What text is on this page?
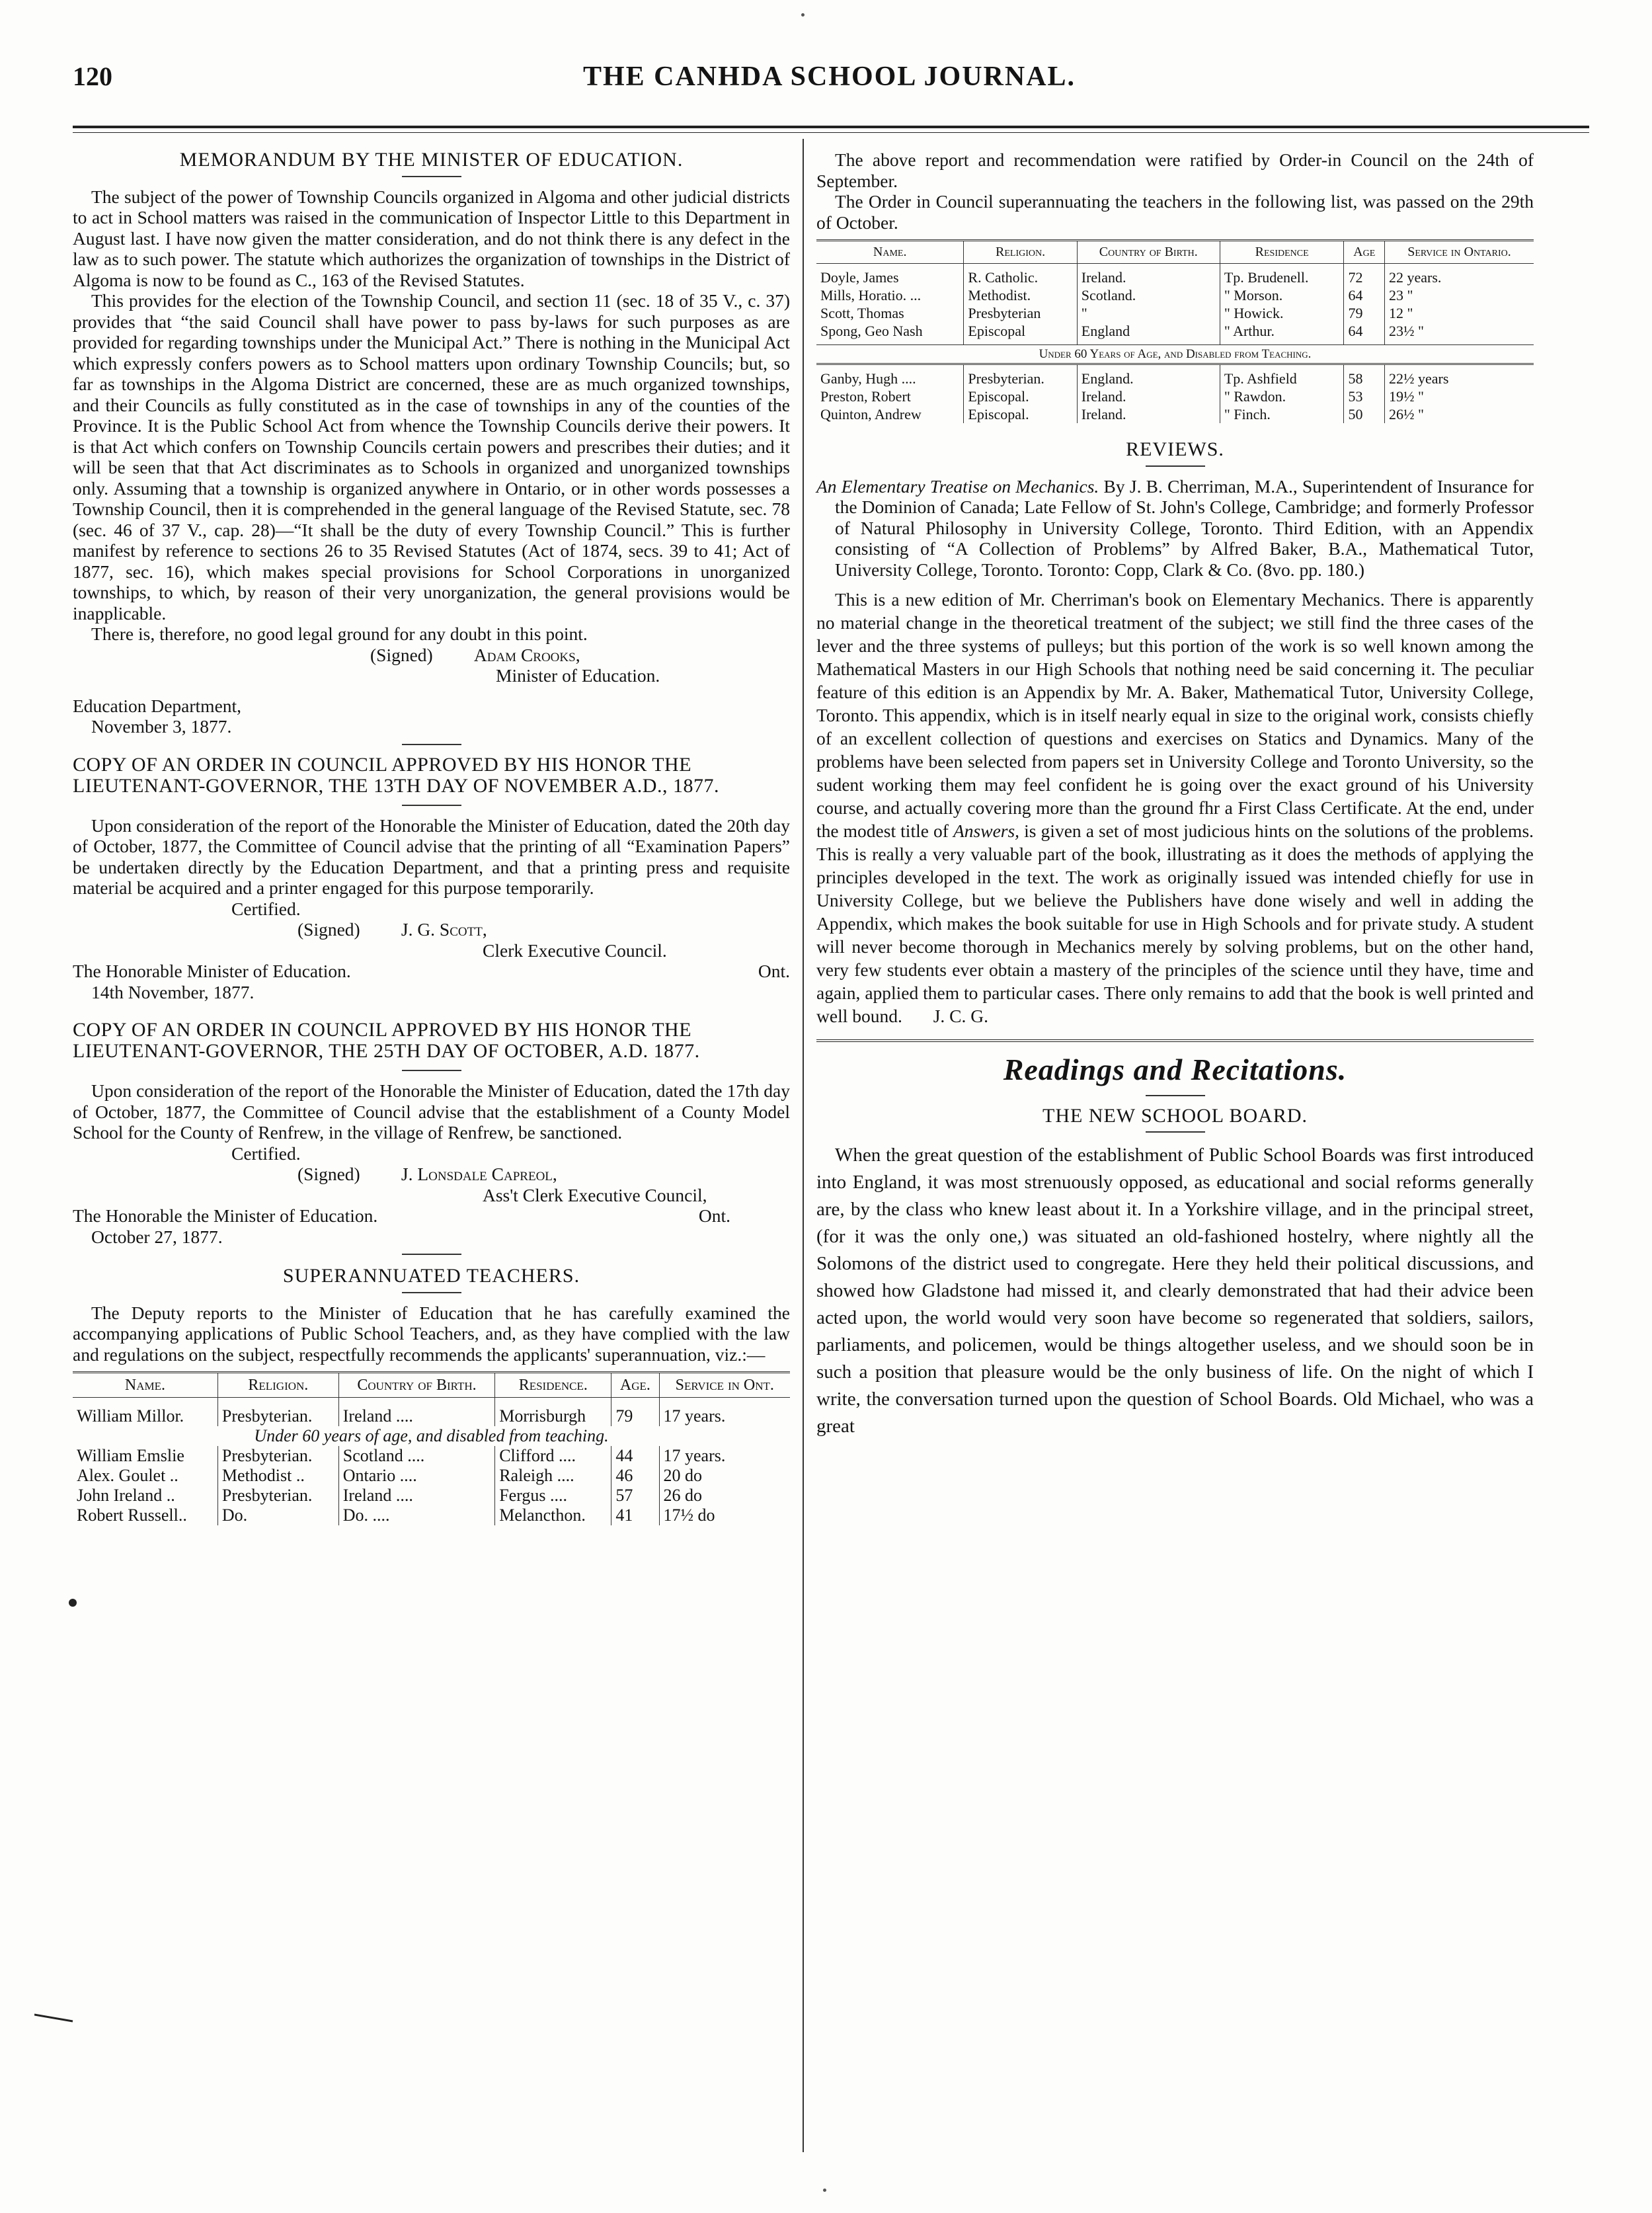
120	THE CANHDA SCHOOL JOURNAL.
MEMORANDUM BY THE MINISTER OF EDUCATION.

The subject of the power of Township Councils organized in Algoma and other judicial districts to act in School matters was raised in the communication of Inspector Little to this Department in August last. I have now given the matter consideration, and do not think there is any defect in the law as to such power. The statute which authorizes the organization of townships in the District of Algoma is now to be found as C., 163 of the Revised Statutes.

This provides for the election of the Township Council, and section 11 (sec. 18 of 35 V., c. 37) provides that “the said Council shall have power to pass by-laws for such purposes as are provided for regarding townships under the Municipal Act.” There is nothing in the Municipal Act which expressly confers powers as to School matters upon ordinary Township Councils; but, so far as townships in the Algoma District are concerned, these are as much organized townships, and their Councils as fully constituted as in the case of townships in any of the counties of the Province. It is the Public School Act from whence the Township Councils derive their powers. It is that Act which confers on Township Councils certain powers and prescribes their duties; and it will be seen that that Act discriminates as to Schools in organized and unorganized townships only. Assuming that a township is organized anywhere in Ontario, or in other words possesses a Township Council, then it is comprehended in the general language of the Revised Statute, sec. 78 (sec. 46 of 37 V., cap. 28)—“It shall be the duty of every Township Council.” This is further manifest by reference to sections 26 to 35 Revised Statutes (Act of 1874, secs. 39 to 41; Act of 1877, sec. 16), which makes special provisions for School Corporations in unorganized townships, to which, by reason of their very unorganization, the general provisions would be inapplicable.

There is, therefore, no good legal ground for any doubt in this point.

(Signed) Adam Crooks,
Minister of Education.
Education Department,
November 3, 1877.
COPY OF AN ORDER IN COUNCIL APPROVED BY HIS HONOR THE LIEUTENANT-GOVERNOR, THE 13TH DAY OF NOVEMBER A.D., 1877.

Upon consideration of the report of the Honorable the Minister of Education, dated the 20th day of October, 1877, the Committee of Council advise that the printing of all “Examination Papers” be undertaken directly by the Education Department, and that a printing press and requisite material be acquired and a printer engaged for this purpose temporarily.

Certified.
(Signed) J. G. Scott,
Clerk Executive Council.
The Honorable Minister of Education.	Ont.
14th November, 1877.
COPY OF AN ORDER IN COUNCIL APPROVED BY HIS HONOR THE LIEUTENANT-GOVERNOR, THE 25TH DAY OF OCTOBER, A.D. 1877.

Upon consideration of the report of the Honorable the Minister of Education, dated the 17th day of October, 1877, the Committee of Council advise that the establishment of a County Model School for the County of Renfrew, in the village of Renfrew, be sanctioned.

Certified.
(Signed) J. Lonsdale Capreol,
Ass't Clerk Executive Council,
The Honorable the Minister of Education.	Ont.
October 27, 1877.
SUPERANNUATED TEACHERS.

The Deputy reports to the Minister of Education that he has carefully examined the accompanying applications of Public School Teachers, and, as they have complied with the law and regulations on the subject, respectfully recommends the applicants' superannuation, viz.:—

Name.	Religion.	Country of Birth.	Residence.	Age.	Service in Ont.
William Millor.	Presbyterian.	Ireland ....	Morrisburgh	79	17 years.
Under 60 years of age, and disabled from teaching.					
William Emslie	Presbyterian.	Scotland ....	Clifford ....	44	17 years.
Alex. Goulet ..	Methodist ..	Ontario ....	Raleigh ....	46	20 do
John Ireland ..	Presbyterian.	Ireland ....	Fergus ....	57	26 do
Robert Russell..	Do.	Do. ....	Melancthon.	41	17½ do

The above report and recommendation were ratified by Order-in Council on the 24th of September.

The Order in Council superannuating the teachers in the following list, was passed on the 29th of October.

Name.	Religion.	Country of Birth.	Residence	Age	Service in Ontario.
Doyle, James	R. Catholic.	Ireland.	Tp. Brudenell.	72	22 years.
Mills, Horatio. ...	Methodist.	Scotland.	" Morson.	64	23 "
Scott, Thomas	Presbyterian	"	" Howick.	79	12 "
Spong, Geo Nash	Episcopal	England	" Arthur.	64	23½ "
Under 60 Years of Age, and Disabled from Teaching.					
Ganby, Hugh ....	Presbyterian.	England.	Tp. Ashfield	58	22½ years
Preston, Robert	Episcopal.	Ireland.	" Rawdon.	53	19½ "
Quinton, Andrew	Episcopal.	Ireland.	" Finch.	50	26½ "
REVIEWS.

An Elementary Treatise on Mechanics. By J. B. Cherriman, M.A., Superintendent of Insurance for the Dominion of Canada; Late Fellow of St. John's College, Cambridge; and formerly Professor of Natural Philosophy in University College, Toronto. Third Edition, with an Appendix consisting of “A Collection of Problems” by Alfred Baker, B.A., Mathematical Tutor, University College, Toronto. Toronto: Copp, Clark & Co. (8vo. pp. 180.)

This is a new edition of Mr. Cherriman's book on Elementary Mechanics. There is apparently no material change in the theoretical treatment of the subject; we still find the three cases of the lever and the three systems of pulleys; but this portion of the work is so well known among the Mathematical Masters in our High Schools that nothing need be said concerning it. The peculiar feature of this edition is an Appendix by Mr. A. Baker, Mathematical Tutor, University College, Toronto. This appendix, which is in itself nearly equal in size to the original work, consists chiefly of an excellent collection of questions and exercises on Statics and Dynamics. Many of the problems have been selected from papers set in University College and Toronto University, so the sudent working them may feel confident he is going over the exact ground of his University course, and actually covering more than the ground fhr a First Class Certificate. At the end, under the modest title of Answers, is given a set of most judicious hints on the solutions of the problems. This is really a very valuable part of the book, illustrating as it does the methods of applying the principles developed in the text. The work as originally issued was intended chiefly for use in University College, but we believe the Publishers have done wisely and well in adding the Appendix, which makes the book suitable for use in High Schools and for private study. A student will never become thorough in Mechanics merely by solving problems, but on the other hand, very few students ever obtain a mastery of the principles of the science until they have, time and again, applied them to particular cases. There only remains to add that the book is well printed and well bound. J. C. G.

Readings and Recitations.
THE NEW SCHOOL BOARD.

When the great question of the establishment of Public School Boards was first introduced into England, it was most strenuously opposed, as educational and social reforms generally are, by the class who knew least about it. In a Yorkshire village, and in the principal street, (for it was the only one,) was situated an old-fashioned hostelry, where nightly all the Solomons of the district used to congregate. Here they held their political discussions, and showed how Gladstone had missed it, and clearly demonstrated that had their advice been acted upon, the world would very soon have become so regenerated that soldiers, sailors, parliaments, and policemen, would be things altogether useless, and we should soon be in such a position that pleasure would be the only business of life. On the night of which I write, the conversation turned upon the question of School Boards. Old Michael, who was a great
